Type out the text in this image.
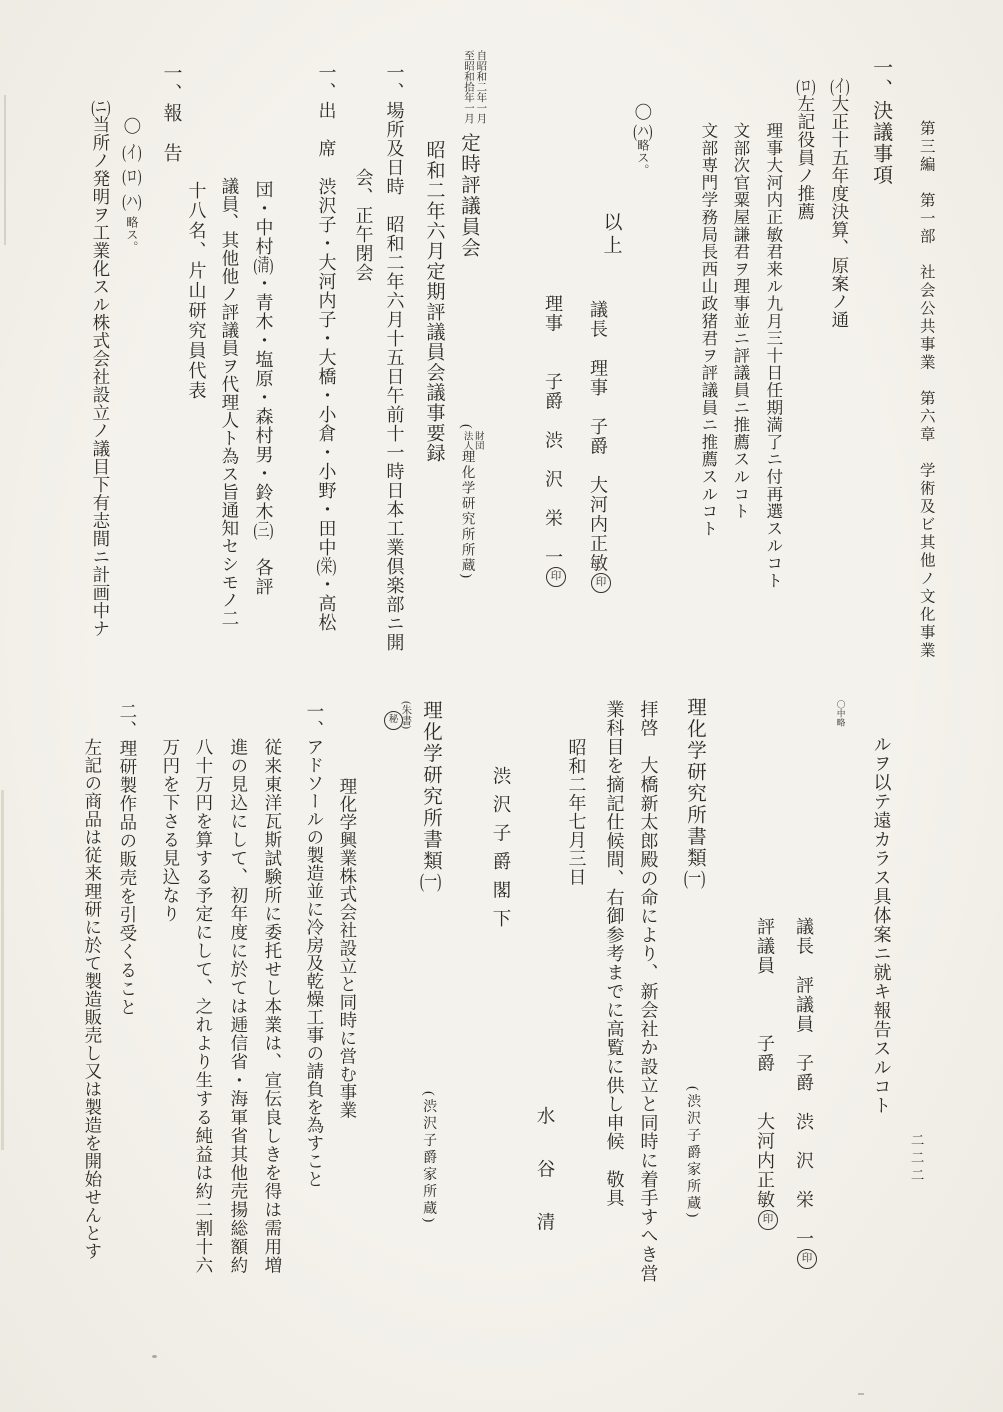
第三編　第一部　社会公共事業　第六章　学術及ビ其他ノ文化事業
二二二
一、決議事項
(イ)大正十五年度決算、原案ノ通
(ロ)左記役員ノ推薦
理事大河内正敏君来ル九月三十日任期満了ニ付再選スルコト
文部次官粟屋謙君ヲ理事並ニ評議員ニ推薦スルコト
文部専門学務局長西山政猪君ヲ評議員ニ推薦スルコト
〇(ハ)略ス。
以上
議長　理事　子爵　大河内正敏印
理事　　子爵　渋　沢　栄　一印
自昭和二年一月
至昭和拾年一月
定時評議員会
昭和二年六月定期評議員会議事要録 (
財団
法人
理化学研究所所蔵)
一、場所及日時　昭和二年六月十五日午前十一時日本工業倶楽部ニ開
会、正午閉会
一、出　席　渋沢子・大河内子・大橋・小倉・小野・田中(栄)・高松
団・中村(清)・青木・塩原・森村男・鈴木(三)　各評
議員、其他他ノ評議員ヲ代理人ト為ス旨通知セシモノ二
十八名、片山研究員代表
一、報　告
〇(イ)(ロ)(ハ)略ス。
(ニ)当所ノ発明ヲ工業化スル株式会社設立ノ議目下有志間ニ計画中ナ
ルヲ以テ遠カラス具体案ニ就キ報告スルコト
〇中略
議長　評議員　子爵　渋　沢　栄　一印
評議員　　　子爵　　大河内正敏印
理化学研究所書類(一)
(渋沢子爵家所蔵)
拝啓　大橋新太郎殿の命により、新会社か設立と同時に着手すへき営
業科目を摘記仕候間、右御参考までに高覧に供し申候　敬具
昭和二年七月三日
水　谷　清
渋沢子爵閣下
理化学研究所書類(一)
(朱書)
秘
(渋沢子爵家所蔵)
理化学興業株式会社設立と同時に営む事業
一、アドソールの製造並に冷房及乾燥工事の請負を為すこと
従来東洋瓦斯試験所に委托せし本業は、宣伝良しきを得は需用増
進の見込にして、初年度に於ては逓信省・海軍省其他売揚総額約
八十万円を算する予定にして、之れより生する純益は約二割十六
万円を下さる見込なり
二、理研製作品の販売を引受くること
左記の商品は従来理研に於て製造販売し又は製造を開始せんとす
